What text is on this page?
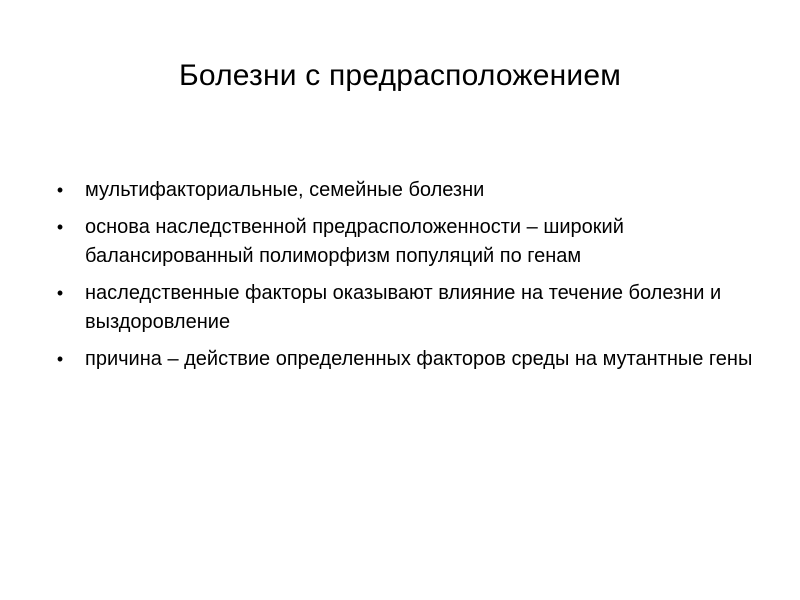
Болезни с предрасположением
• мультифакториальные, семейные болезни
• основа наследственной предрасположенности – широкий балансированный полиморфизм популяций по генам
• наследственные факторы оказывают влияние на течение болезни и выздоровление
• причина – действие определенных факторов среды на мутантные гены
